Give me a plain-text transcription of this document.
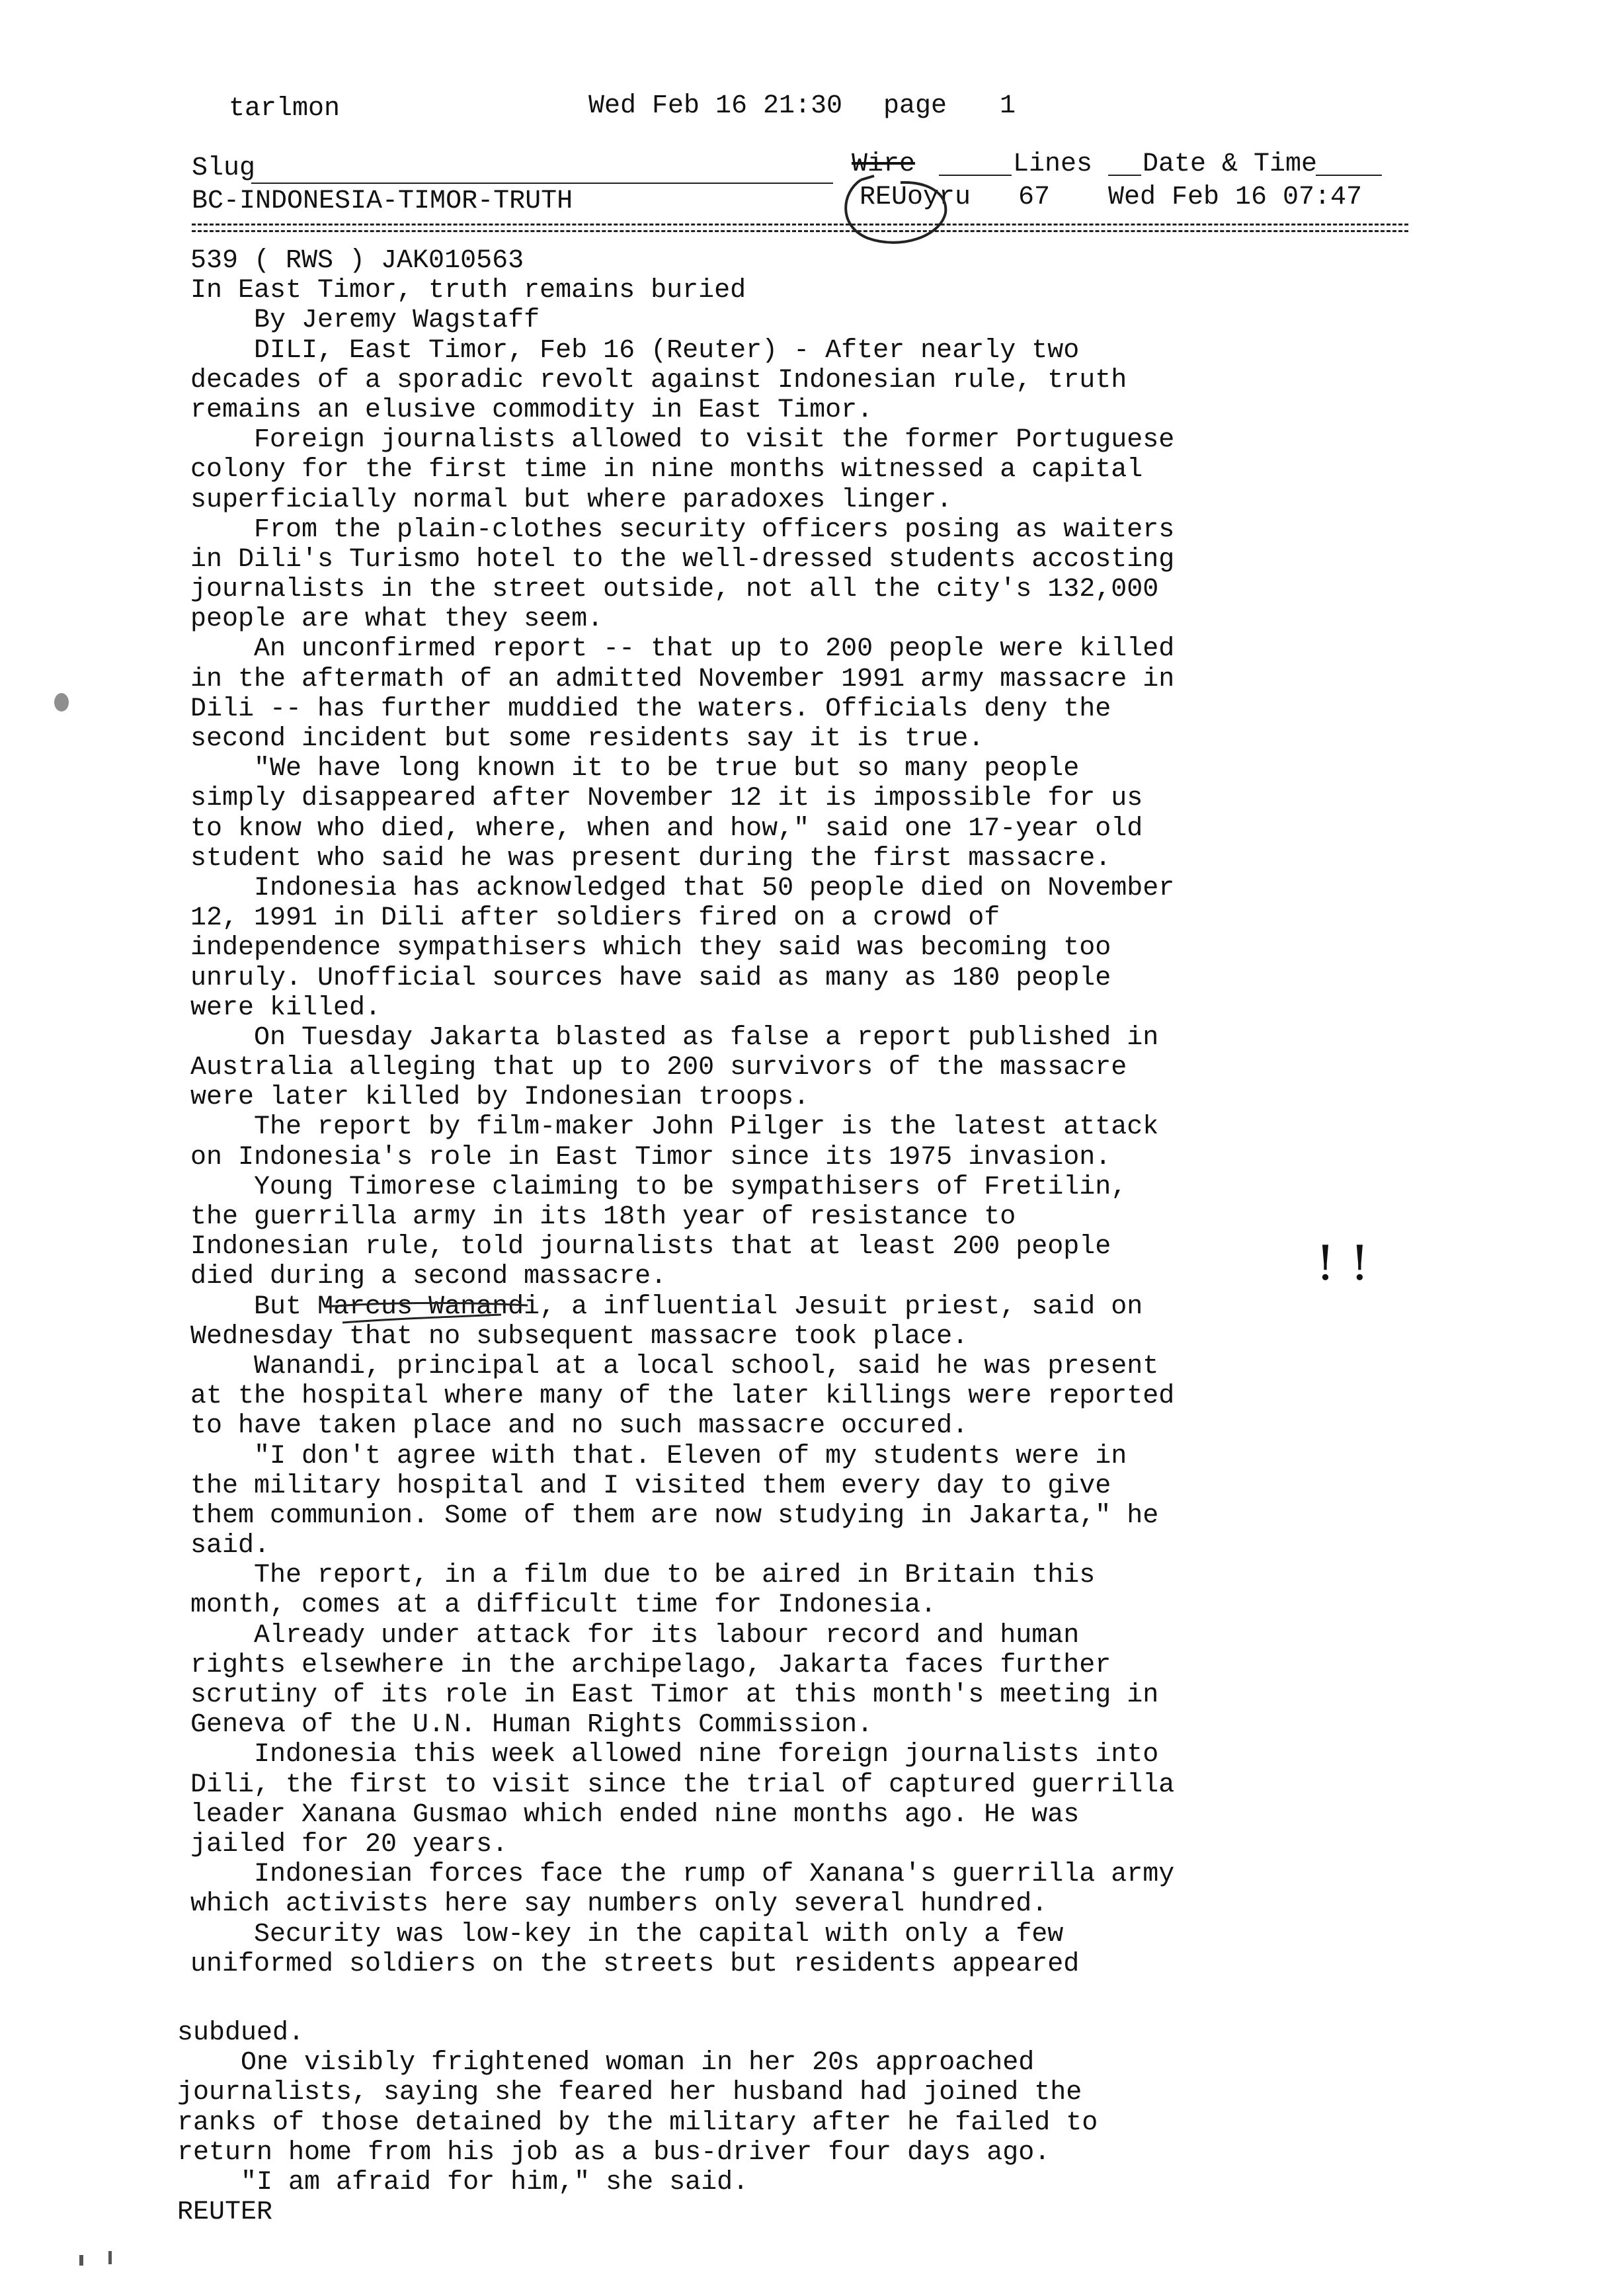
tarlmon	Wed Feb 16 21:30 page 1
Slug	Wire	Lines Date & Time
BC-INDONESIA-TIMOR-TRUTH	REUoyru 67 Wed Feb 16 07:47
539 ( RWS ) JAK010563
In East Timor, truth remains buried
By Jeremy Wagstaff
DILI, East Timor, Feb 16 (Reuter) - After nearly two
decades of a sporadic revolt against Indonesian rule, truth
remains an elusive commodity in East Timor.
Foreign journalists allowed to visit the former Portuguese
colony for the first time in nine months witnessed a capital
superficially normal but where paradoxes linger.
From the plain-clothes security officers posing as waiters
in Dili's Turismo hotel to the well-dressed students accosting
journalists in the street outside, not all the city's 132,000
people are what they seem.
An unconfirmed report -- that up to 200 people were killed
in the aftermath of an admitted November 1991 army massacre in
Dili -- has further muddied the waters. Officials deny the
second incident but some residents say it is true.
"We have long known it to be true but so many people
simply disappeared after November 12 it is impossible for us
to know who died, where, when and how," said one 17-year old
student who said he was present during the first massacre.
Indonesia has acknowledged that 50 people died on November
12, 1991 in Dili after soldiers fired on a crowd of
independence sympathisers which they said was becoming too
unruly. Unofficial sources have said as many as 180 people
were killed.
On Tuesday Jakarta blasted as false a report published in
Australia alleging that up to 200 survivors of the massacre
were later killed by Indonesian troops.
The report by film-maker John Pilger is the latest attack
on Indonesia's role in East Timor since its 1975 invasion.
Young Timorese claiming to be sympathisers of Fretilin,
the guerrilla army in its 18th year of resistance to
Indonesian rule, told journalists that at least 200 people
died during a second massacre.
But Marcus Wanandi, a influential Jesuit priest, said on
Wednesday that no subsequent massacre took place.
Wanandi, principal at a local school, said he was present
at the hospital where many of the later killings were reported
to have taken place and no such massacre occured.
"I don't agree with that. Eleven of my students were in
the military hospital and I visited them every day to give
them communion. Some of them are now studying in Jakarta," he
said.
The report, in a film due to be aired in Britain this
month, comes at a difficult time for Indonesia.
Already under attack for its labour record and human
rights elsewhere in the archipelago, Jakarta faces further
scrutiny of its role in East Timor at this month's meeting in
Geneva of the U.N. Human Rights Commission.
Indonesia this week allowed nine foreign journalists into
Dili, the first to visit since the trial of captured guerrilla
leader Xanana Gusmao which ended nine months ago. He was
jailed for 20 years.
Indonesian forces face the rump of Xanana's guerrilla army
which activists here say numbers only several hundred.
Security was low-key in the capital with only a few
uniformed soldiers on the streets but residents appeared

subdued.
One visibly frightened woman in her 20s approached
journalists, saying she feared her husband had joined the
ranks of those detained by the military after he failed to
return home from his job as a bus-driver four days ago.
"I am afraid for him," she said.
REUTER

! !
